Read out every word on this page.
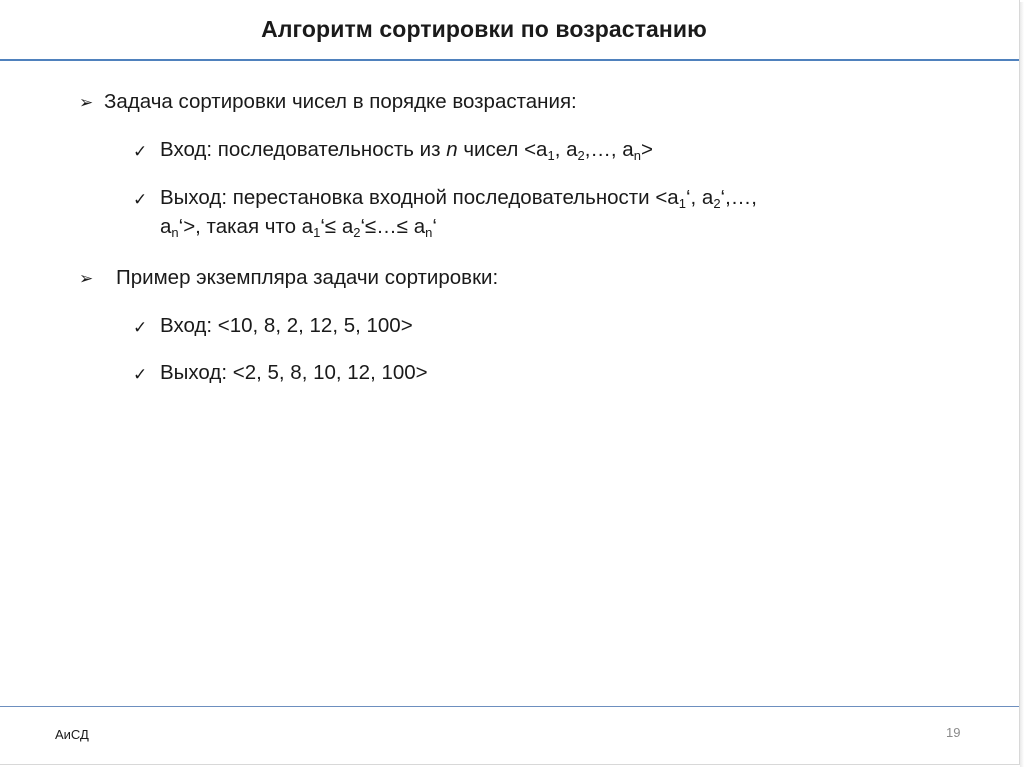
Алгоритм сортировки по возрастанию
➢ Задача сортировки чисел в порядке возрастания:
✓ Вход: последовательность из n чисел $<a_1$, $a_2,\dots$, $a_n>$
✓ Выход: перестановка входной последовательности $<a_1‘$, $a_2‘,\dots$,
$a_n‘>$, такая что $a_1‘\le$ $a_2‘\le\dots\le$ $a_n‘$
➢ Пример экземпляра задачи сортировки:
✓ Вход: <10, 8, 2, 12, 5, 100>
✓ Выход: <2, 5, 8, 10, 12, 100>
АиСД	19
